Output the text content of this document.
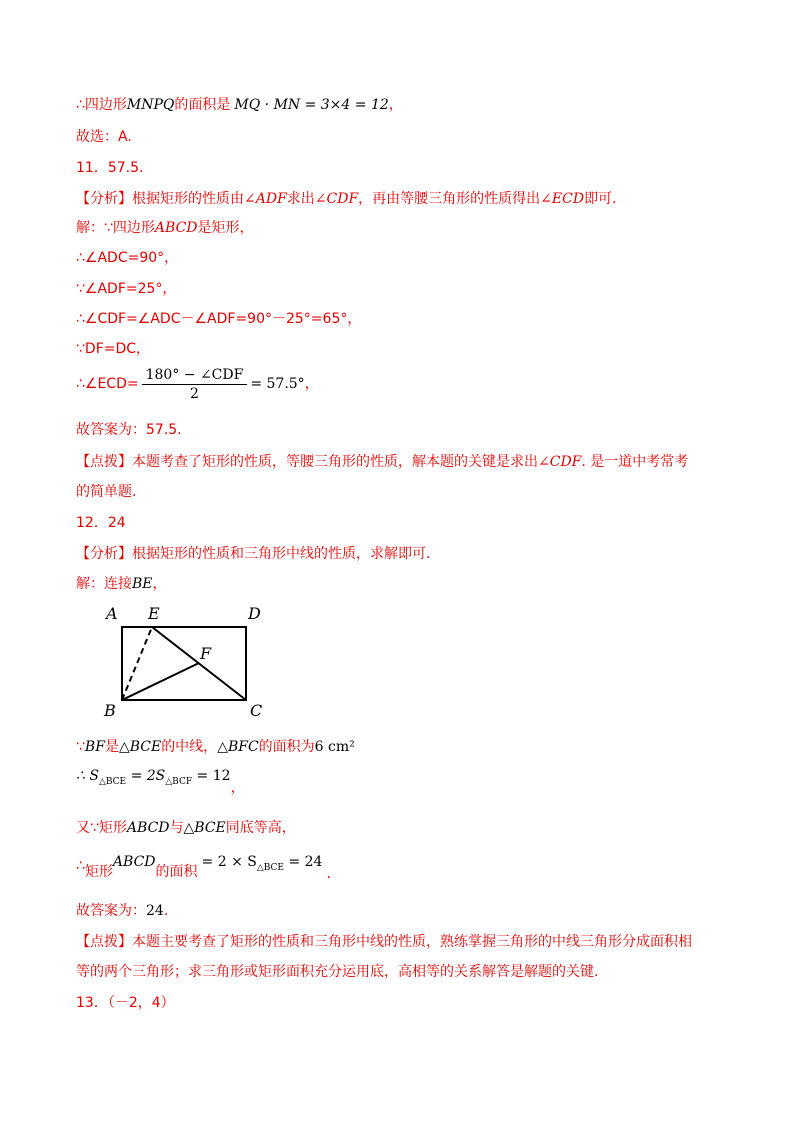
∴四边形MNPQ的面积是 MQ · MN = 3×4 = 12，
故选：A.
11．57.5.
【分析】根据矩形的性质由∠ADF求出∠CDF，再由等腰三角形的性质得出∠ECD即可.
解：∵四边形ABCD是矩形，
∴∠ADC=90°，
∵∠ADF=25°，
∴∠CDF=∠ADC－∠ADF=90°－25°=65°，
∵DF=DC，
∴∠ECD= $\frac{\text{180° − ∠CDF}}{2} = 57.5^\circ$，
故答案为：57.5.
【点拨】本题考查了矩形的性质，等腰三角形的性质，解本题的关键是求出∠CDF. 是一道中考常考
的简单题.
12．24
【分析】根据矩形的性质和三角形中线的性质，求解即可.
解：连接BE，
A E	D
F
B	C
∵BF是△BCE的中线，△BFC的面积为6 cm²
∴ $S_{\triangle BCE} = 2S_{\triangle BCF} = 12$，
又∵矩形ABCD与△BCE同底等高，
∴矩形ABCD的面积= $2 \times S_{\triangle BCE} = 24$.
故答案为：24.
【点拨】本题主要考查了矩形的性质和三角形中线的性质，熟练掌握三角形的中线三角形分成面积相
等的两个三角形；求三角形或矩形面积充分运用底，高相等的关系解答是解题的关键.
13．（－2，4）
